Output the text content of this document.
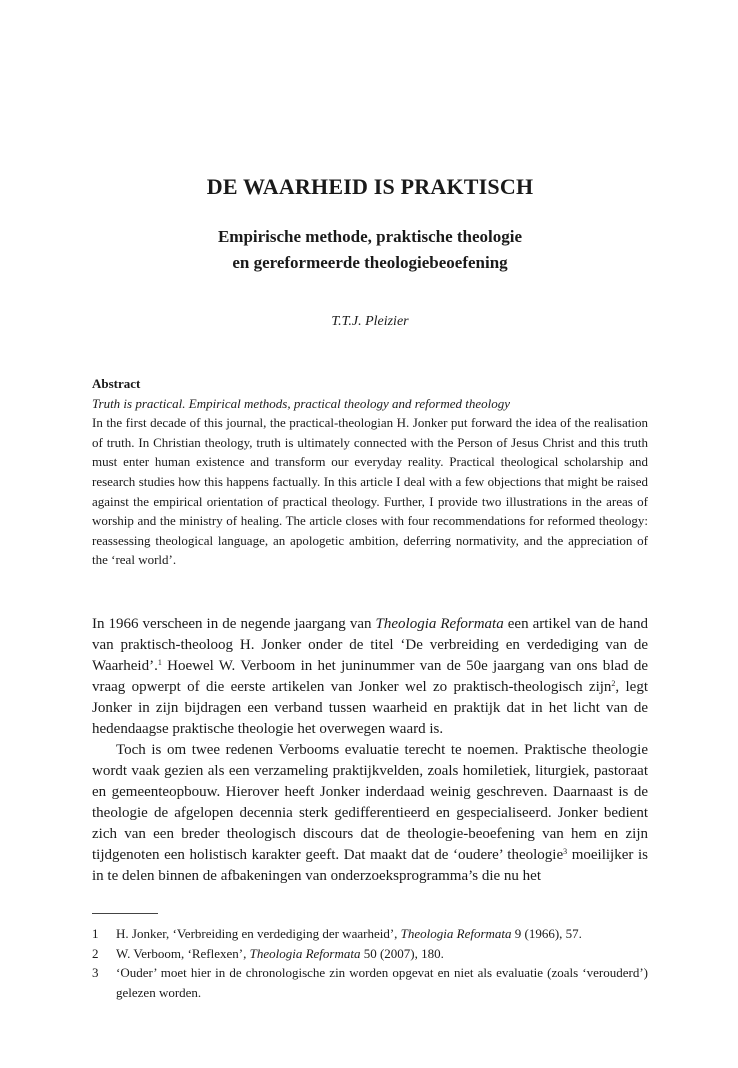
DE WAARHEID IS PRAKTISCH
Empirische methode, praktische theologie
en gereformeerde theologiebeoefening
T.T.J. Pleizier
Abstract
Truth is practical. Empirical methods, practical theology and reformed theology
In the first decade of this journal, the practical-theologian H. Jonker put forward the idea of the realisation of truth. In Christian theology, truth is ultimately connected with the Person of Jesus Christ and this truth must enter human existence and transform our everyday reality. Practical theological scholarship and research studies how this happens factually. In this article I deal with a few objections that might be raised against the empirical orientation of practical theology. Further, I provide two illustrations in the areas of worship and the ministry of healing. The article closes with four recommendations for reformed theology: reassessing theological language, an apologetic ambition, deferring normativity, and the appreciation of the ‘real world’.

In 1966 verscheen in de negende jaargang van Theologia Reformata een artikel van de hand van praktisch-theoloog H. Jonker onder de titel ‘De verbreiding en verdediging van de Waarheid’.$^1$ Hoewel W. Verboom in het juninummer van de 50e jaargang van ons blad de vraag opwerpt of die eerste artikelen van Jonker wel zo praktisch-theologisch zijn$^2$, legt Jonker in zijn bijdragen een verband tussen waarheid en praktijk dat in het licht van de hedendaagse praktische theologie het overwegen waard is.

Toch is om twee redenen Verbooms evaluatie terecht te noemen. Praktische theologie wordt vaak gezien als een verzameling praktijkvelden, zoals homiletiek, liturgiek, pastoraat en gemeenteopbouw. Hierover heeft Jonker inderdaad weinig geschreven. Daarnaast is de theologie de afgelopen decennia sterk gedifferentieerd en gespecialiseerd. Jonker bedient zich van een breder theologisch discours dat de theologie-beoefening van hem en zijn tijdgenoten een holistisch karakter geeft. Dat maakt dat de ‘oudere’ theologie$^3$ moeilijker is in te delen binnen de afbakeningen van onderzoeksprogramma’s die nu het

1	H. Jonker, ‘Verbreiding en verdediging der waarheid’, Theologia Reformata 9 (1966), 57.
2	W. Verboom, ‘Reflexen’, Theologia Reformata 50 (2007), 180.
3	‘Ouder’ moet hier in de chronologische zin worden opgevat en niet als evaluatie (zoals ‘verouderd’) gelezen worden.
